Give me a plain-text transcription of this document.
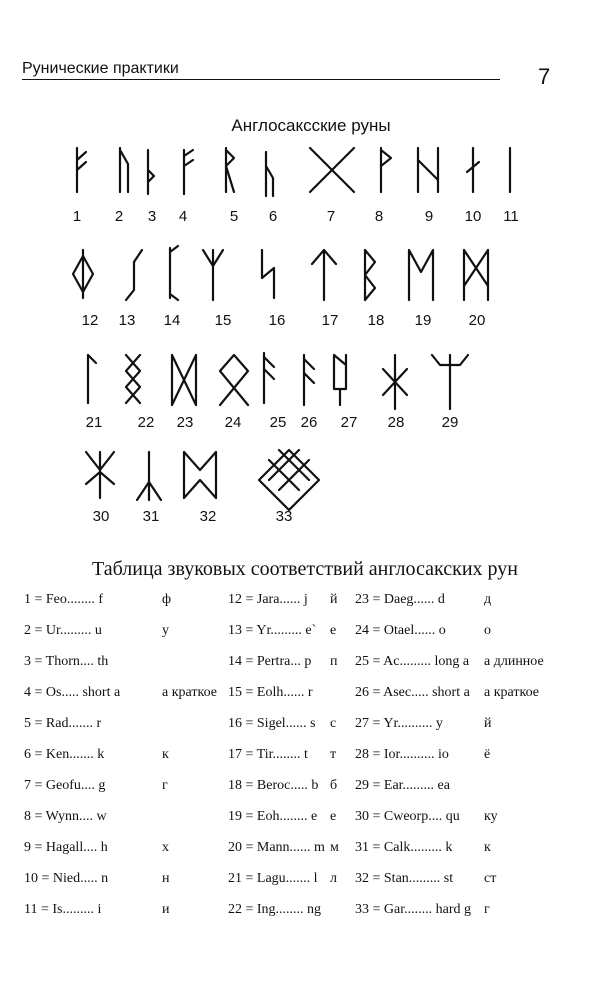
Рунические практики	7
Англосаксские руны
1 2 3 4	5 6	7	8	9 10 11
12 13 14 15 16 17 18 19 20
21 22 23 24 25 26 27 28 29
30 31	32	33
Таблица звуковых соответствий англосакских рун
1 = Feo........ f	ф
2 = Ur......... u	у
3 = Thorn.... th
4 = Os..... short a	а краткое
5 = Rad....... r
6 = Ken....... k	к
7 = Geofu.... g	г
8 = Wynn.... w
9 = Hagall.... h	х
10 = Nied..... n	н
11 = Is......... i	и
12 = Jara...... j й
13 = Yr......... e` е
14 = Pertra... p п
15 = Eolh...... r
16 = Sigel...... s с
17 = Tir........ t т
18 = Beroc..... b б
19 = Eoh........ e е
20 = Mann...... m м
21 = Lagu....... l л
22 = Ing........ ng
23 = Daeg...... d	д
24 = Otael...... o	о
25 = Ac......... long a а длинное
26 = Asec..... short a а краткое
27 = Yr.......... y	й
28 = Ior.......... io	ё
29 = Ear......... ea
30 = Cweorp.... qu ку
31 = Calk......... k к
32 = Stan......... st ст
33 = Gar........ hard g г
